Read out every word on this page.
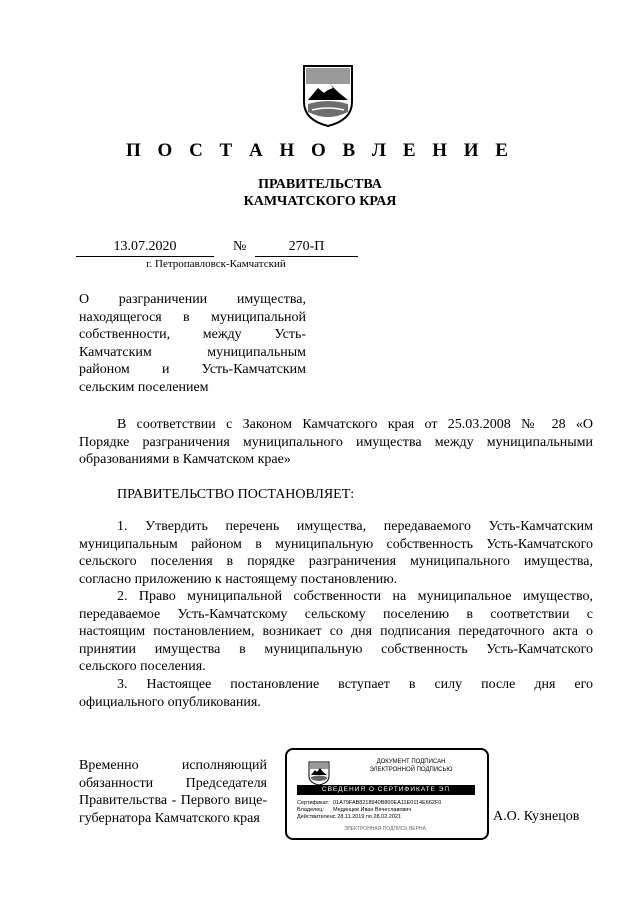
П О С Т А Н О В Л Е Н И Е
ПРАВИТЕЛЬСТВА
КАМЧАТСКОГО КРАЯ
13.07.2020	№	270-П
г. Петропавловск-Камчатский
О разграничении имущества,
находящегося в муниципальной
собственности, между Усть-
Камчатским муниципальным
районом и Усть-Камчатским
сельским поселением
В соответствии с Законом Камчатского края от 25.03.2008 № 28 «О
Порядке разграничения муниципального имущества между муниципальными
образованиями в Камчатском крае»
ПРАВИТЕЛЬСТВО ПОСТАНОВЛЯЕТ:
1. Утвердить перечень имущества, передаваемого Усть-Камчатским
муниципальным районом в муниципальную собственность Усть-Камчатского
сельского поселения в порядке разграничения муниципального имущества,
согласно приложению к настоящему постановлению.
2. Право муниципальной собственности на муниципальное имущество,
передаваемое Усть-Камчатскому сельскому поселению в соответствии с
настоящим постановлением, возникает со дня подписания передаточного акта о
принятии имущества в муниципальную собственность Усть-Камчатского
сельского поселения.
3. Настоящее постановление вступает в силу после дня его
официального опубликования.
Временно исполняющий
обязанности Председателя
Правительства - Первого вице-
губернатора Камчатского края
ДОКУМЕНТ ПОДПИСАН
ЭЛЕКТРОННОЙ ПОДПИСЬЮ
СВЕДЕНИЯ О СЕРТИФИКАТЕ ЭП
Сертификат: 01A79FAB8218940B800EA11E0114E662F0
Владелец: Мединцев Иван Вячеславович
Действителен:с 28.11.2019 по 28.02.2021
ЭЛЕКТРОННАЯ ПОДПИСЬ ВЕРНА
А.О. Кузнецов
